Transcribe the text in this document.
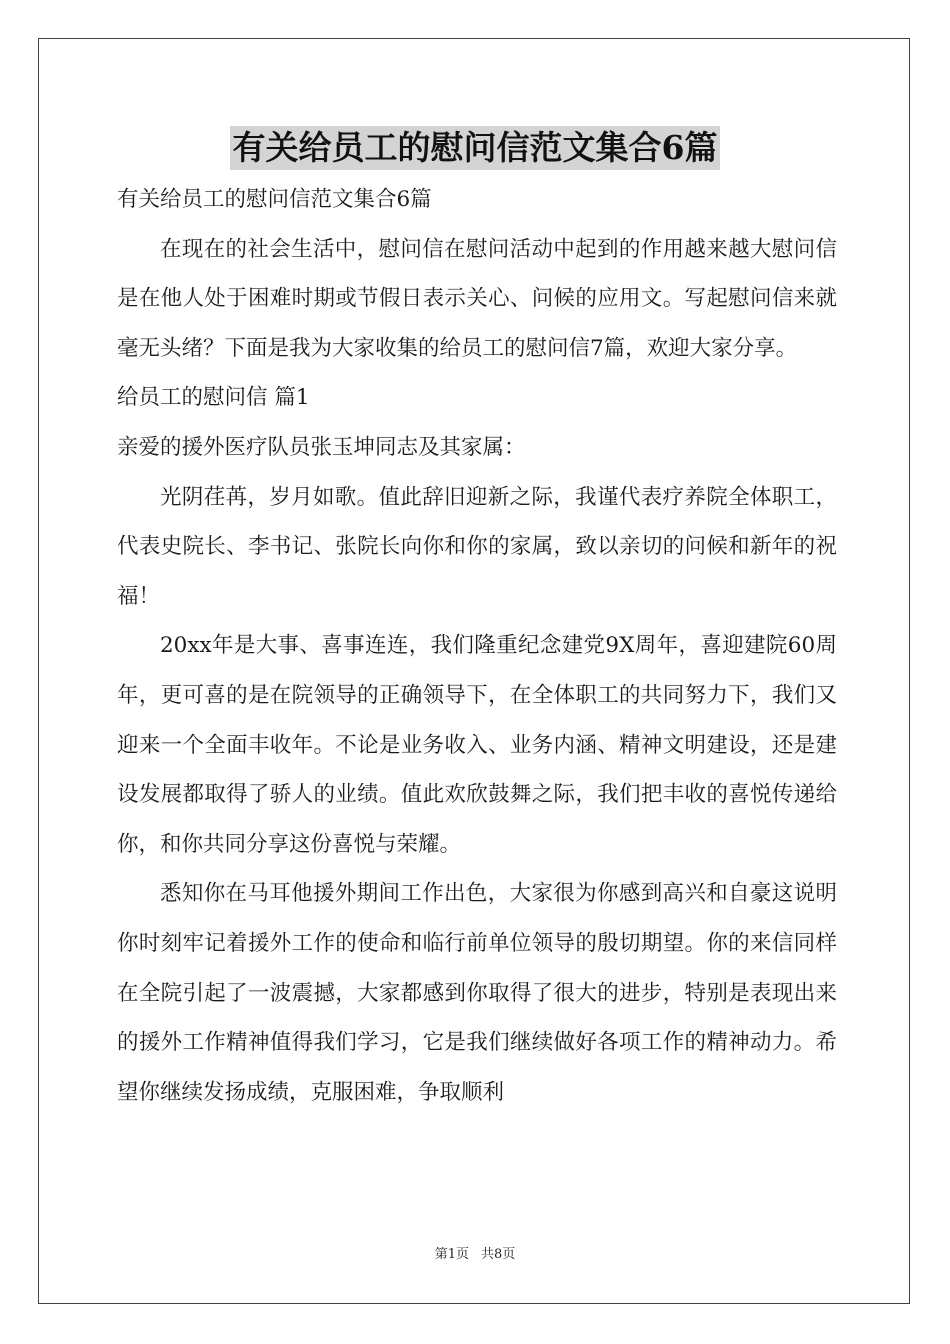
有关给员工的慰问信范文集合6篇

有关给员工的慰问信范文集合6篇

在现在的社会生活中，慰问信在慰问活动中起到的作用越来越大慰问信是在他人处于困难时期或节假日表示关心、问候的应用文。写起慰问信来就毫无头绪？下面是我为大家收集的给员工的慰问信7篇，欢迎大家分享。

给员工的慰问信 篇1

亲爱的援外医疗队员张玉坤同志及其家属：

光阴荏苒，岁月如歌。值此辞旧迎新之际，我谨代表疗养院全体职工，代表史院长、李书记、张院长向你和你的家属，致以亲切的问候和新年的祝福！

20xx年是大事、喜事连连，我们隆重纪念建党9X周年，喜迎建院60周年，更可喜的是在院领导的正确领导下，在全体职工的共同努力下，我们又迎来一个全面丰收年。不论是业务收入、业务内涵、精神文明建设，还是建设发展都取得了骄人的业绩。值此欢欣鼓舞之际，我们把丰收的喜悦传递给你，和你共同分享这份喜悦与荣耀。

悉知你在马耳他援外期间工作出色，大家很为你感到高兴和自豪这说明你时刻牢记着援外工作的使命和临行前单位领导的殷切期望。你的来信同样在全院引起了一波震撼，大家都感到你取得了很大的进步，特别是表现出来的援外工作精神值得我们学习，它是我们继续做好各项工作的精神动力。希望你继续发扬成绩，克服困难，争取顺利

第1页 共8页
